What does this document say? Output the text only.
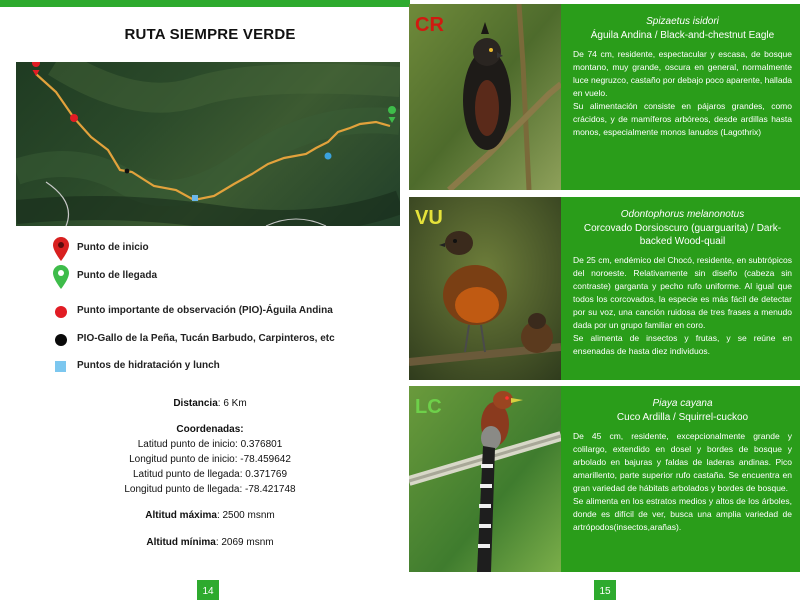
RUTA SIEMPRE VERDE
Punto de inicio
Punto de llegada
Punto importante de observación (PIO)-Águila Andina
PIO-Gallo de la Peña, Tucán Barbudo, Carpinteros, etc
Puntos de hidratación y lunch
Distancia: 6 Km
Coordenadas:
Latitud punto de inicio: 0.376801
Longitud punto de inicio: -78.459642
Latitud punto de llegada: 0.371769
Longitud punto de llegada: -78.421748
Altitud máxima: 2500 msnm
Altitud mínima: 2069 msnm
14
CR	Spizaetus isidori
Águila Andina / Black-and-chestnut Eagle

De 74 cm, residente, espectacular y escasa, de bosque montano, muy grande, oscura en general, normalmente luce negruzco, castaño por debajo poco aparente, hallada en vuelo.

Su alimentación consiste en pájaros grandes, como crácidos, y de mamíferos arbóreos, desde ardillas hasta monos, especialmente monos lanudos (Lagothrix)

VU	Odontophorus melanonotus
Corcovado Dorsioscuro (guarguarita) / Dark-backed Wood-quail

De 25 cm, endémico del Chocó, residente, en subtrópicos del noroeste. Relativamente sin diseño (cabeza sin contraste) garganta y pecho rufo uniforme. Al igual que todos los corcovados, la especie es más fácil de detectar por su voz, una canción ruidosa de tres frases a menudo dada por un grupo familiar en coro.

Se alimenta de insectos y frutas, y se reúne en ensenadas de hasta diez individuos.

LC	Piaya cayana
Cuco Ardilla / Squirrel-cuckoo

De 45 cm, residente, excepcionalmente grande y colilargo, extendido en dosel y bordes de bosque y arbolado en bajuras y faldas de laderas andinas. Pico amarillento, parte superior rufo castaña. Se encuentra en gran variedad de hábitats arbolados y bordes de bosque.

Se alimenta en los estratos medios y altos de los árboles, donde es difícil de ver, busca una amplia variedad de artrópodos(insectos,arañas).

15
